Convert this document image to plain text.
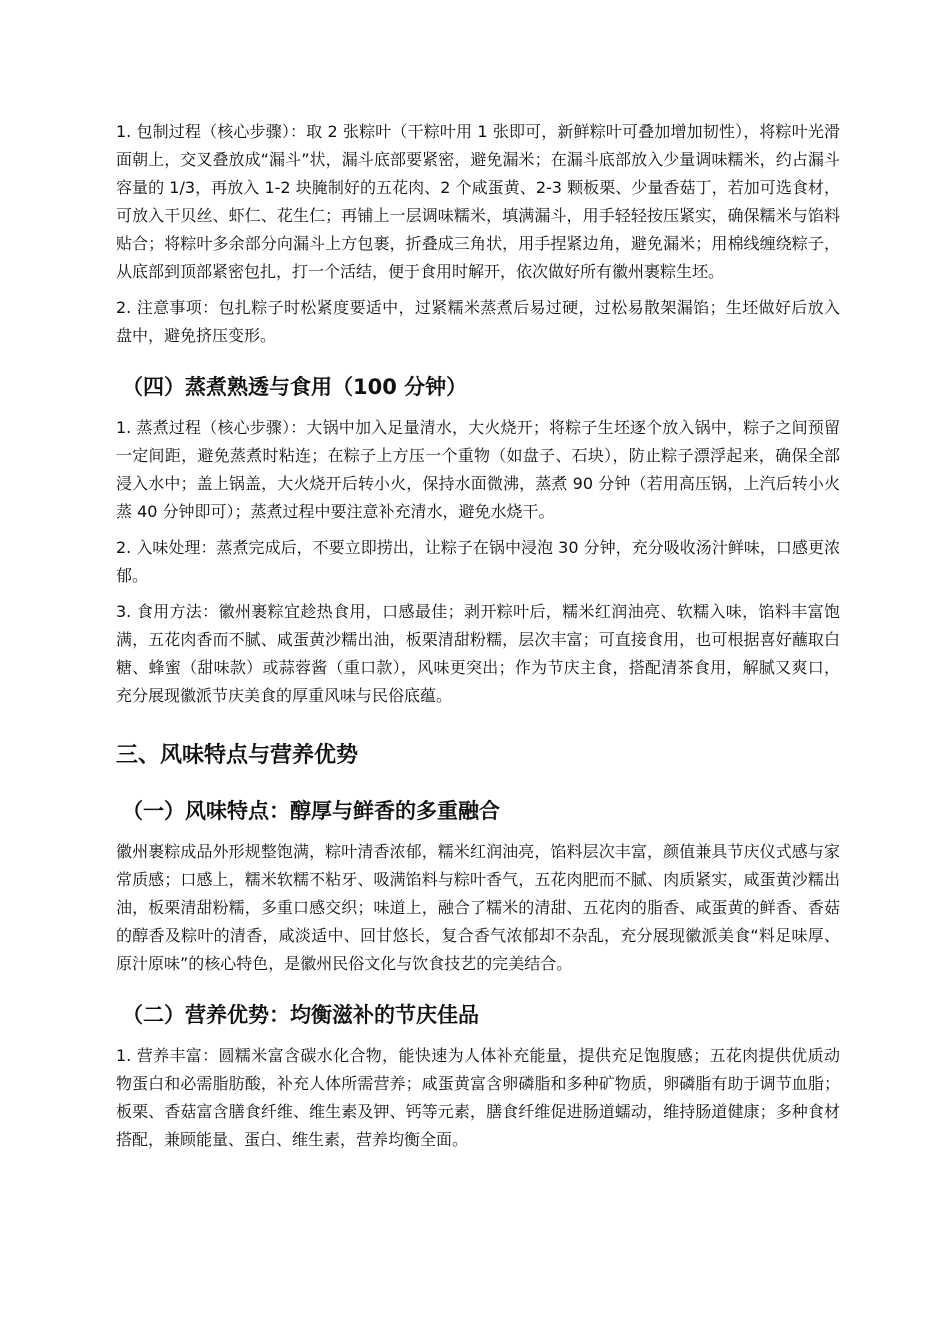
1. 包制过程（核心步骤）：取 2 张粽叶（干粽叶用 1 张即可，新鲜粽叶可叠加增加韧性），将粽叶光滑面朝上，交叉叠放成“漏斗”状，漏斗底部要紧密，避免漏米；在漏斗底部放入少量调味糯米，约占漏斗容量的 1/3，再放入 1-2 块腌制好的五花肉、2 个咸蛋黄、2-3 颗板栗、少量香菇丁，若加可选食材，可放入干贝丝、虾仁、花生仁；再铺上一层调味糯米，填满漏斗，用手轻轻按压紧实，确保糯米与馅料贴合；将粽叶多余部分向漏斗上方包裹，折叠成三角状，用手捏紧边角，避免漏米；用棉线缠绕粽子，从底部到顶部紧密包扎，打一个活结，便于食用时解开，依次做好所有徽州裹粽生坯。

2. 注意事项：包扎粽子时松紧度要适中，过紧糯米蒸煮后易过硬，过松易散架漏馅；生坯做好后放入盘中，避免挤压变形。

（四）蒸煮熟透与食用（100 分钟）

1. 蒸煮过程（核心步骤）：大锅中加入足量清水，大火烧开；将粽子生坯逐个放入锅中，粽子之间预留一定间距，避免蒸煮时粘连；在粽子上方压一个重物（如盘子、石块），防止粽子漂浮起来，确保全部浸入水中；盖上锅盖，大火烧开后转小火，保持水面微沸，蒸煮 90 分钟（若用高压锅，上汽后转小火蒸 40 分钟即可）；蒸煮过程中要注意补充清水，避免水烧干。

2. 入味处理：蒸煮完成后，不要立即捞出，让粽子在锅中浸泡 30 分钟，充分吸收汤汁鲜味，口感更浓郁。

3. 食用方法：徽州裹粽宜趁热食用，口感最佳；剥开粽叶后，糯米红润油亮、软糯入味，馅料丰富饱满，五花肉香而不腻、咸蛋黄沙糯出油，板栗清甜粉糯，层次丰富；可直接食用，也可根据喜好蘸取白糖、蜂蜜（甜味款）或蒜蓉酱（重口款），风味更突出；作为节庆主食，搭配清茶食用，解腻又爽口，充分展现徽派节庆美食的厚重风味与民俗底蕴。

三、风味特点与营养优势
（一）风味特点：醇厚与鲜香的多重融合

徽州裹粽成品外形规整饱满，粽叶清香浓郁，糯米红润油亮，馅料层次丰富，颜值兼具节庆仪式感与家常质感；口感上，糯米软糯不粘牙、吸满馅料与粽叶香气，五花肉肥而不腻、肉质紧实，咸蛋黄沙糯出油，板栗清甜粉糯，多重口感交织；味道上，融合了糯米的清甜、五花肉的脂香、咸蛋黄的鲜香、香菇的醇香及粽叶的清香，咸淡适中、回甘悠长，复合香气浓郁却不杂乱，充分展现徽派美食“料足味厚、原汁原味”的核心特色，是徽州民俗文化与饮食技艺的完美结合。

（二）营养优势：均衡滋补的节庆佳品

1. 营养丰富：圆糯米富含碳水化合物，能快速为人体补充能量，提供充足饱腹感；五花肉提供优质动物蛋白和必需脂肪酸，补充人体所需营养；咸蛋黄富含卵磷脂和多种矿物质，卵磷脂有助于调节血脂；板栗、香菇富含膳食纤维、维生素及钾、钙等元素，膳食纤维促进肠道蠕动，维持肠道健康；多种食材搭配，兼顾能量、蛋白、维生素，营养均衡全面。
